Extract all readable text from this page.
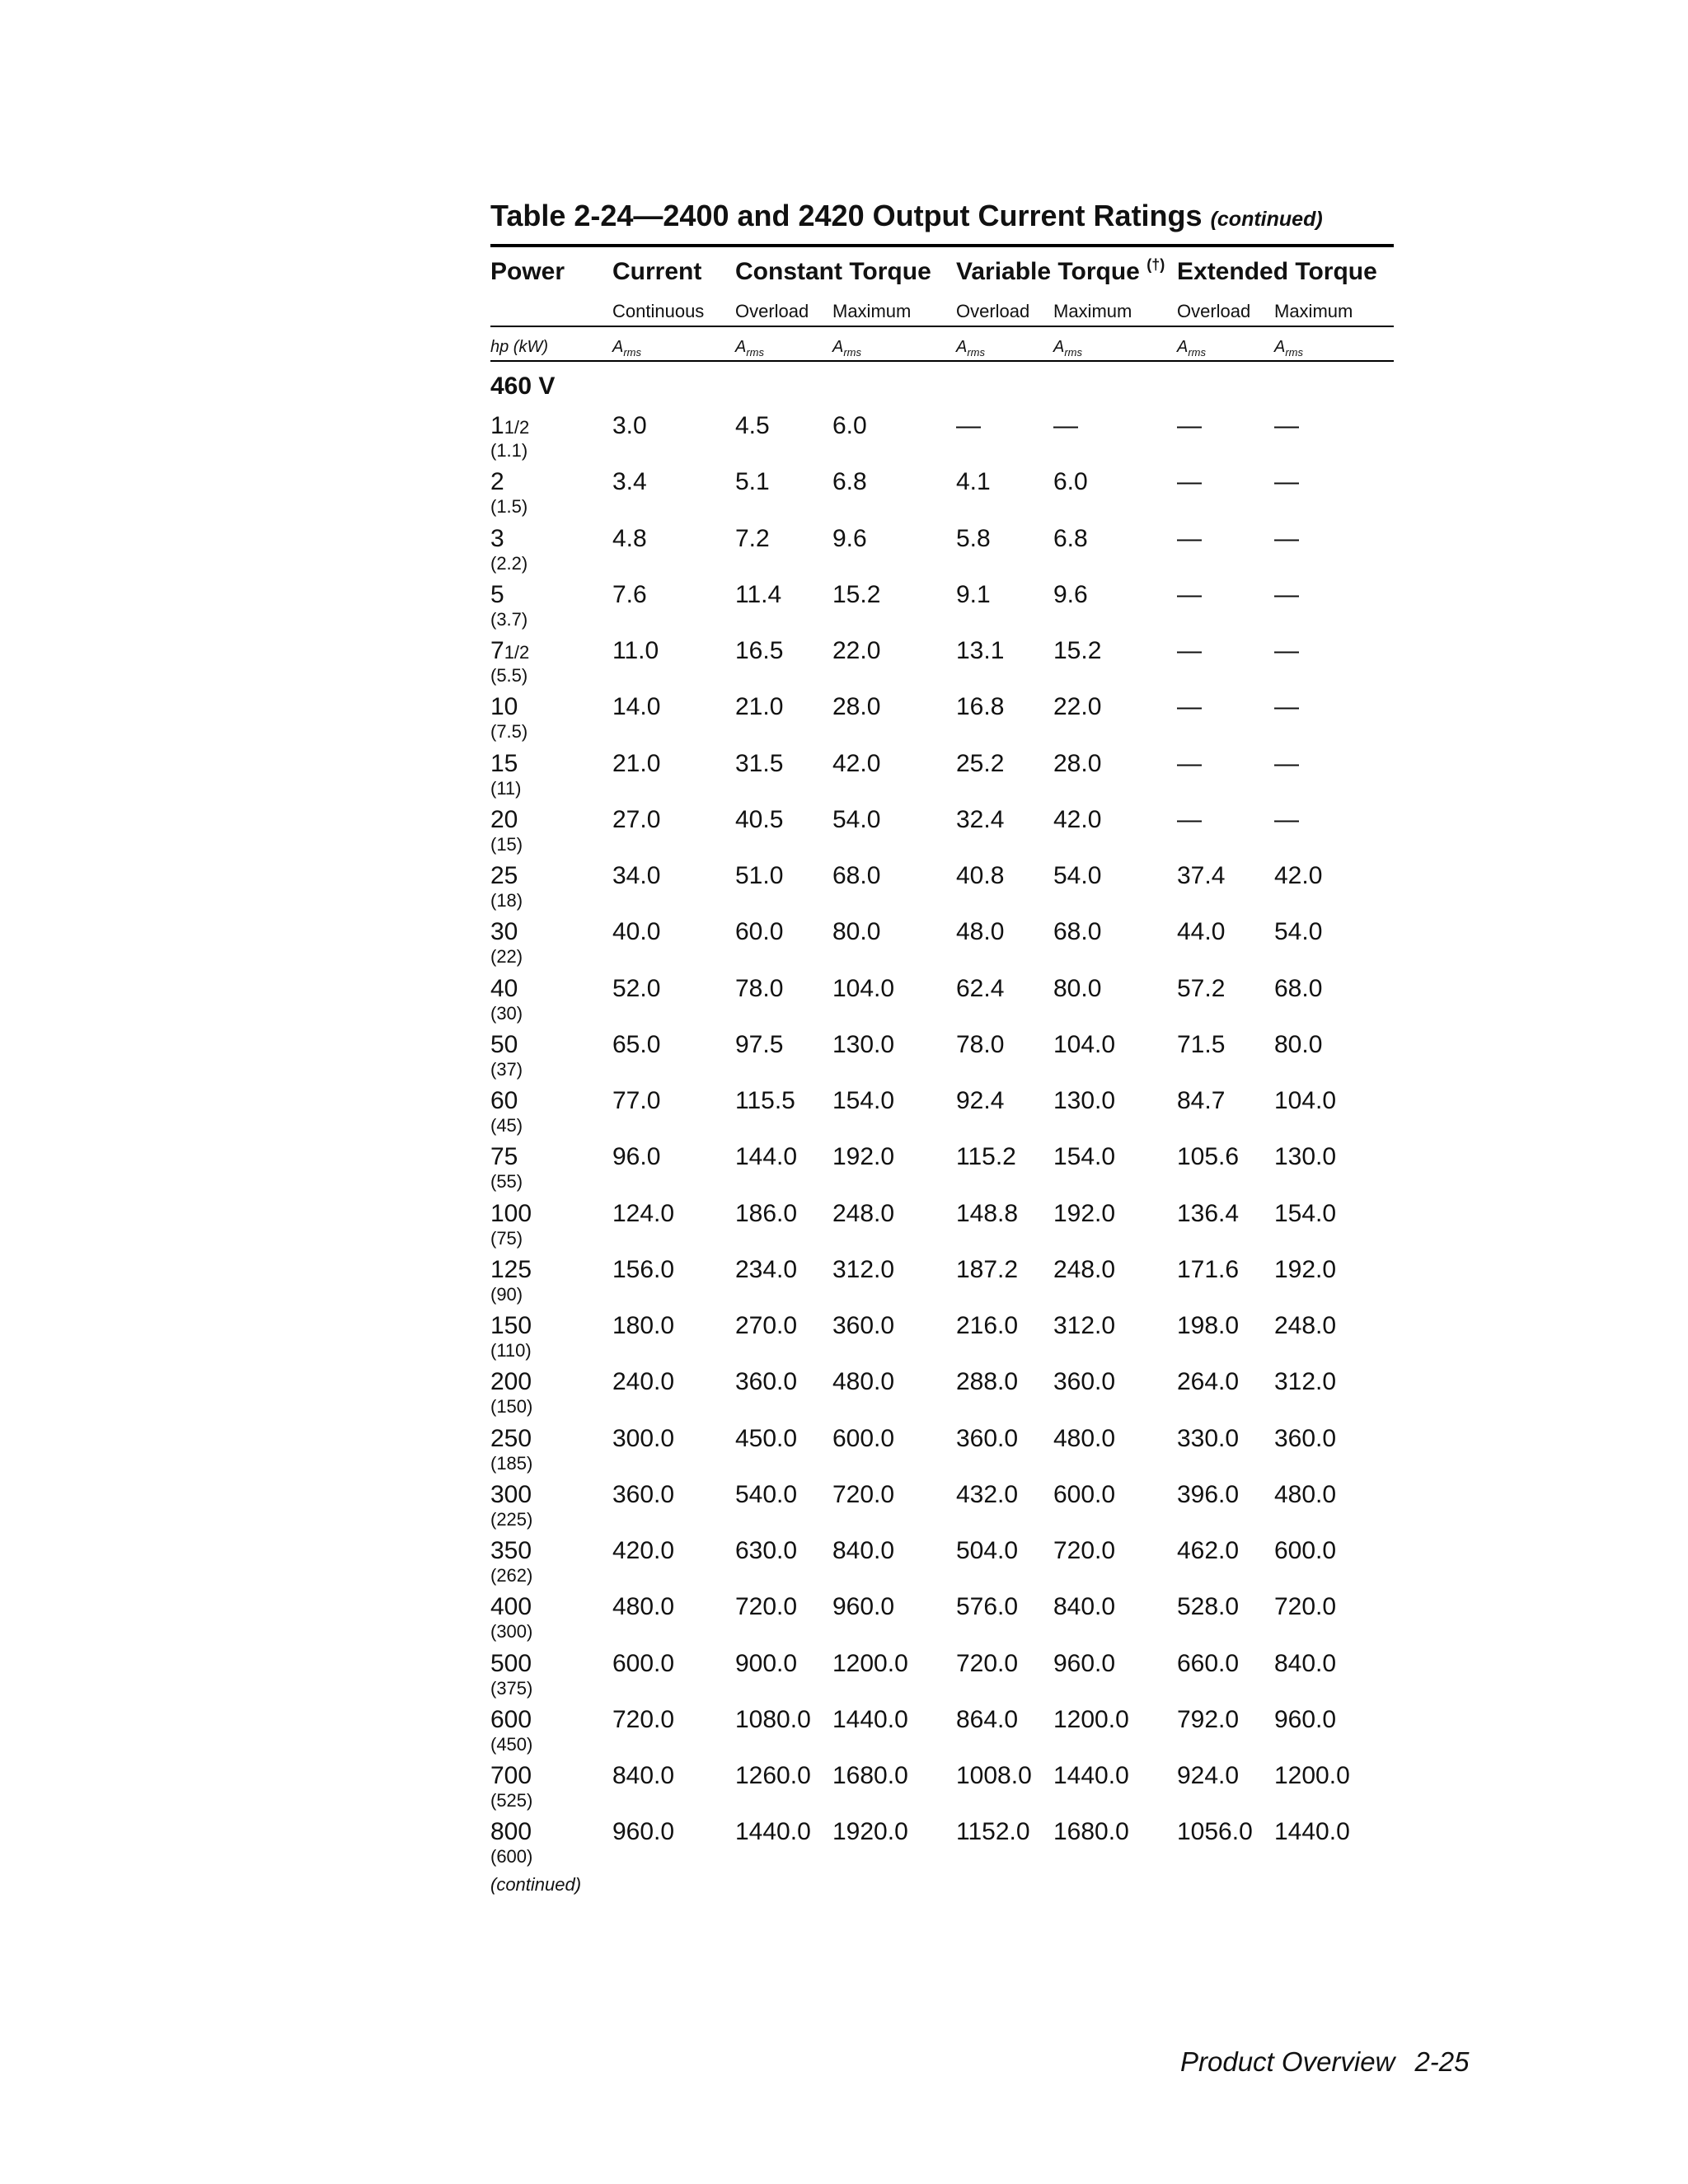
Table 2-24—2400 and 2420 Output Current Ratings (continued)
Power Current Constant Torque Variable Torque (†) Extended Torque
Continuous Overload Maximum Overload Maximum Overload Maximum
hp (kW)	$A_{rms}$	$A_{rms}$	$A_{rms}$	$A_{rms}$	$A_{rms}$	$A_{rms}$	$A_{rms}$
460 V
11/2
(1.1)
3.0	4.5	6.0	—	—	—	—
2
(1.5)
3.4	5.1	6.8	4.1	6.0	—	—
3
(2.2)
4.8	7.2	9.6	5.8	6.8	—	—
5
(3.7)
7.6	11.4 15.2	9.1	9.6	—	—
71/2
(5.5)
11.0	16.5 22.0	13.1 15.2	—	—
10
(7.5)
14.0	21.0 28.0	16.8 22.0	—	—
15
(11)
21.0	31.5 42.0	25.2 28.0	—	—
20
(15)
27.0	40.5 54.0	32.4 42.0	—	—
25
(18)
34.0	51.0 68.0	40.8 54.0	37.4 42.0
30
(22)
40.0	60.0 80.0	48.0 68.0	44.0 54.0
40
(30)
52.0	78.0 104.0 62.4 80.0	57.2 68.0
50
(37)
65.0	97.5 130.0 78.0 104.0 71.5 80.0
60
(45)
77.0	115.5 154.0 92.4 130.0 84.7 104.0
75
(55)
96.0	144.0 192.0 115.2 154.0 105.6 130.0
100
(75)
124.0 186.0 248.0 148.8 192.0 136.4 154.0
125
(90)
156.0 234.0 312.0 187.2 248.0 171.6 192.0
150
(110)
180.0 270.0 360.0 216.0 312.0 198.0 248.0
200
(150)
240.0 360.0 480.0 288.0 360.0 264.0 312.0
250
(185)
300.0 450.0 600.0 360.0 480.0 330.0 360.0
300
(225)
360.0 540.0 720.0 432.0 600.0 396.0 480.0
350
(262)
420.0 630.0 840.0 504.0 720.0 462.0 600.0
400
(300)
480.0 720.0 960.0 576.0 840.0 528.0 720.0
500
(375)
600.0 900.0 1200.0 720.0 960.0 660.0 840.0
600
(450)
720.0 1080.0 1440.0 864.0 1200.0 792.0 960.0
700
(525)
840.0 1260.0 1680.0 1008.0 1440.0 924.0 1200.0
800
(600)
960.0 1440.0 1920.0 1152.0 1680.0 1056.0 1440.0
(continued)
Product Overview 2-25
